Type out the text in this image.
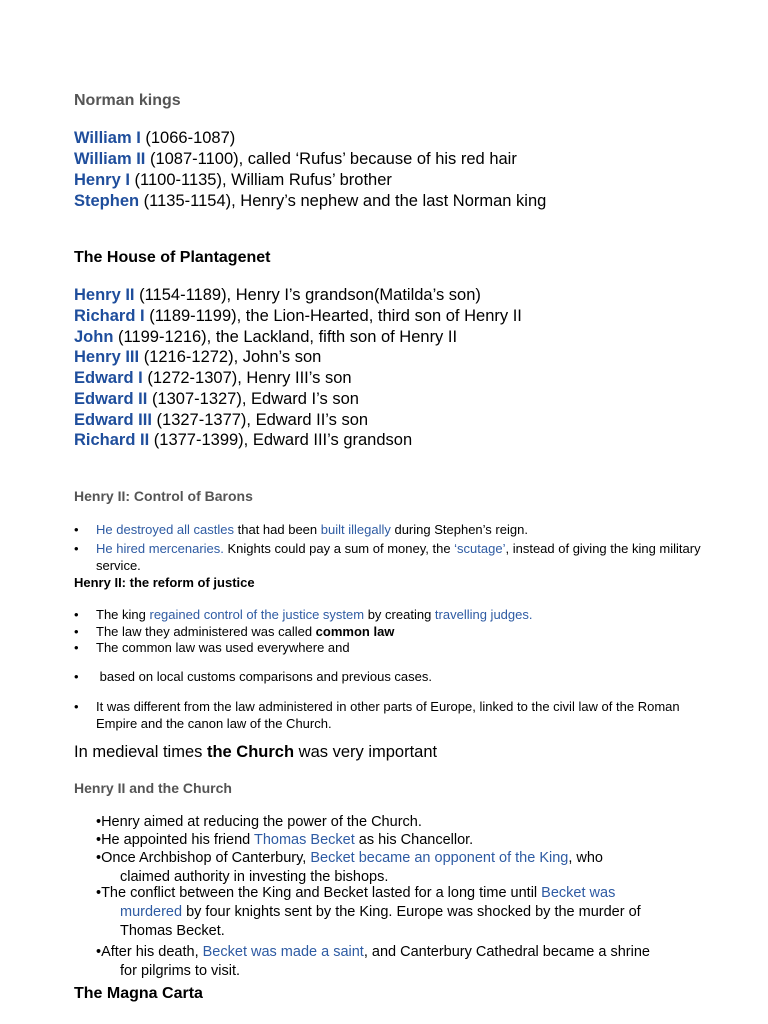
Norman kings
William I (1066-1087)
William II (1087-1100), called ‘Rufus’ because of his red hair
Henry I (1100-1135), William Rufus’ brother
Stephen (1135-1154), Henry’s nephew and the last Norman king
The House of Plantagenet
Henry II (1154-1189), Henry I’s grandson(Matilda’s son)
Richard I (1189-1199), the Lion-Hearted, third son of Henry II
John (1199-1216), the Lackland, fifth son of Henry II
Henry III (1216-1272), John’s son
Edward I (1272-1307), Henry III’s son
Edward II (1307-1327), Edward I’s son
Edward III (1327-1377), Edward II’s son
Richard II (1377-1399), Edward III’s grandson
Henry II: Control of Barons
• He destroyed all castles that had been built illegally during Stephen’s reign.
• He hired mercenaries. Knights could pay a sum of money, the ‘scutage’, instead of giving the king military service.
Henry II: the reform of justice
• The king regained control of the justice system by creating travelling judges.
• The law they administered was called common law
• The common law was used everywhere and
• based on local customs comparisons and previous cases.
• It was different from the law administered in other parts of Europe, linked to the civil law of the Roman Empire and the canon law of the Church.
In medieval times the Church was very important
Henry II and the Church
•Henry aimed at reducing the power of the Church.
•He appointed his friend Thomas Becket as his Chancellor.
•Once Archbishop of Canterbury, Becket became an opponent of the King, who
claimed authority in investing the bishops.
•The conflict between the King and Becket lasted for a long time until Becket was
murdered by four knights sent by the King. Europe was shocked by the murder of
Thomas Becket.
•After his death, Becket was made a saint, and Canterbury Cathedral became a shrine
for pilgrims to visit.
The Magna Carta
